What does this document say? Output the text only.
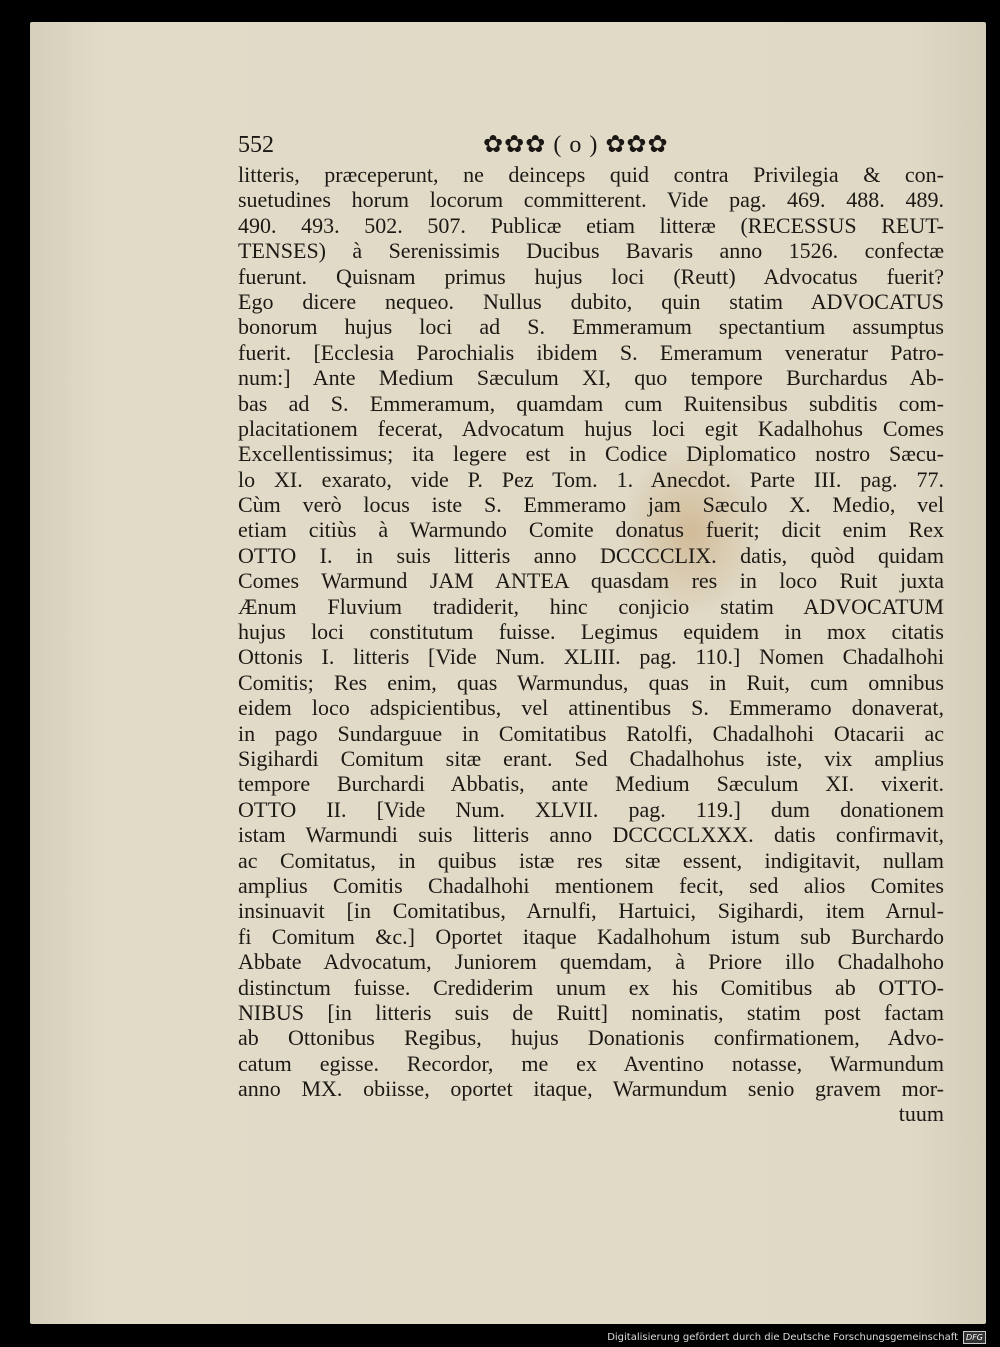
552	✿✿✿ ( o ) ✿✿✿
litteris, præceperunt, ne deinceps quid contra Privilegia & con-
suetudines horum locorum committerent. Vide pag. 469. 488. 489.
490. 493. 502. 507. Publicæ etiam litteræ (RECESSUS REUT-
TENSES) à Serenissimis Ducibus Bavaris anno 1526. confectæ
fuerunt. Quisnam primus hujus loci (Reutt) Advocatus fuerit?
Ego dicere nequeo. Nullus dubito, quin statim ADVOCATUS
bonorum hujus loci ad S. Emmeramum spectantium assumptus
fuerit. [Ecclesia Parochialis ibidem S. Emeramum veneratur Patro-
num:] Ante Medium Sæculum XI, quo tempore Burchardus Ab-
bas ad S. Emmeramum, quamdam cum Ruitensibus subditis com-
placitationem fecerat, Advocatum hujus loci egit Kadalhohus Comes
Excellentissimus; ita legere est in Codice Diplomatico nostro Sæcu-
lo XI. exarato, vide P. Pez Tom. 1. Anecdot. Parte III. pag. 77.
Cùm verò locus iste S. Emmeramo jam Sæculo X. Medio, vel
etiam citiùs à Warmundo Comite donatus fuerit; dicit enim Rex
OTTO I. in suis litteris anno DCCCCLIX. datis, quòd quidam
Comes Warmund JAM ANTEA quasdam res in loco Ruit juxta
Ænum Fluvium tradiderit, hinc conjicio statim ADVOCATUM
hujus loci constitutum fuisse. Legimus equidem in mox citatis
Ottonis I. litteris [Vide Num. XLIII. pag. 110.] Nomen Chadalhohi
Comitis; Res enim, quas Warmundus, quas in Ruit, cum omnibus
eidem loco adspicientibus, vel attinentibus S. Emmeramo donaverat,
in pago Sundarguue in Comitatibus Ratolfi, Chadalhohi Otacarii ac
Sigihardi Comitum sitæ erant. Sed Chadalhohus iste, vix amplius
tempore Burchardi Abbatis, ante Medium Sæculum XI. vixerit.
OTTO II. [Vide Num. XLVII. pag. 119.] dum donationem
istam Warmundi suis litteris anno DCCCCLXXX. datis confirmavit,
ac Comitatus, in quibus istæ res sitæ essent, indigitavit, nullam
amplius Comitis Chadalhohi mentionem fecit, sed alios Comites
insinuavit [in Comitatibus, Arnulfi, Hartuici, Sigihardi, item Arnul-
fi Comitum &c.] Oportet itaque Kadalhohum istum sub Burchardo
Abbate Advocatum, Juniorem quemdam, à Priore illo Chadalhoho
distinctum fuisse. Crediderim unum ex his Comitibus ab OTTO-
NIBUS [in litteris suis de Ruitt] nominatis, statim post factam
ab Ottonibus Regibus, hujus Donationis confirmationem, Advo-
catum egisse. Recordor, me ex Aventino notasse, Warmundum
anno MX. obiisse, oportet itaque, Warmundum senio gravem mor-
tuum
Digitalisierung gefördert durch die Deutsche Forschungsgemeinschaft	DFG
